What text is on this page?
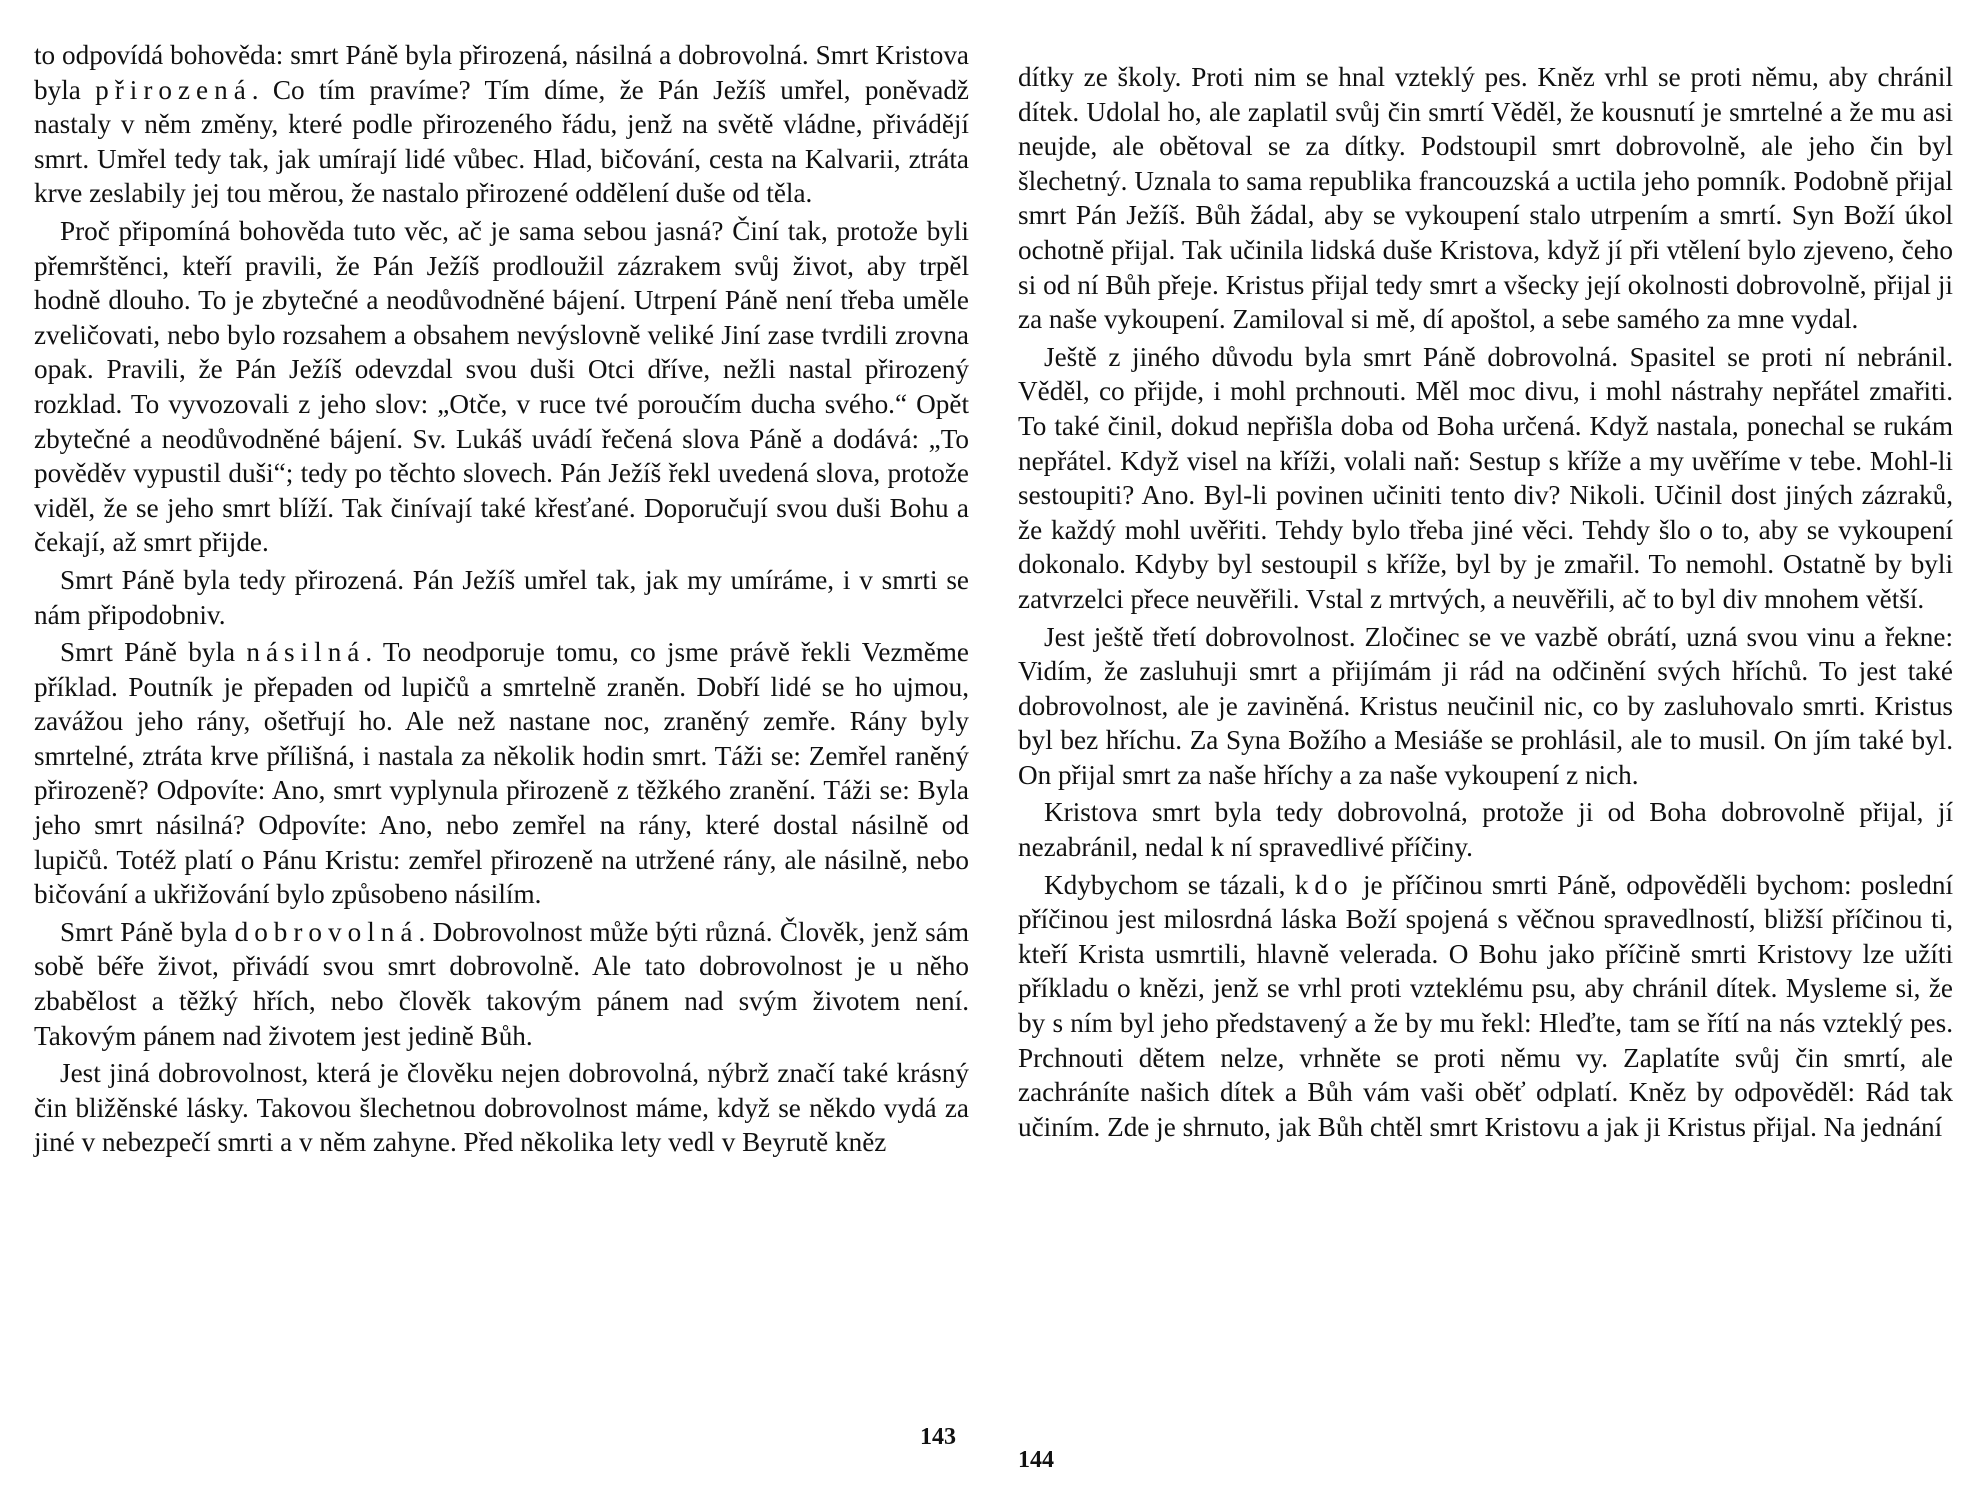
to odpovídá bohověda: smrt Páně byla přirozená, násilná a dobrovolná. Smrt Kristova byla přirozená. Co tím pravíme? Tím díme, že Pán Ježíš umřel, poněvadž nastaly v něm změny, které podle přirozeného řádu, jenž na světě vládne, přivádějí smrt. Umřel tedy tak, jak umírají lidé vůbec. Hlad, bičování, cesta na Kalvarii, ztráta krve zeslabily jej tou měrou, že nastalo přirozené oddělení duše od těla.

Proč připomíná bohověda tuto věc, ač je sama sebou jasná? Činí tak, protože byli přemrštěnci, kteří pravili, že Pán Ježíš prodloužil zázrakem svůj život, aby trpěl hodně dlouho. To je zbytečné a neodůvodněné bájení. Utrpení Páně není třeba uměle zveličovati, nebo bylo rozsahem a obsahem nevýslovně veliké Jiní zase tvrdili zrovna opak. Pravili, že Pán Ježíš odevzdal svou duši Otci dříve, nežli nastal přirozený rozklad. To vyvozovali z jeho slov: „Otče, v ruce tvé poroučím ducha svého.“ Opět zbytečné a neodůvodněné bájení. Sv. Lukáš uvádí řečená slova Páně a dodává: „To pověděv vypustil duši“; tedy po těchto slovech. Pán Ježíš řekl uvedená slova, protože viděl, že se jeho smrt blíží. Tak činívají také křesťané. Doporučují svou duši Bohu a čekají, až smrt přijde.

Smrt Páně byla tedy přirozená. Pán Ježíš umřel tak, jak my umíráme, i v smrti se nám připodobniv.

Smrt Páně byla násilná. To neodporuje tomu, co jsme právě řekli Vezměme příklad. Poutník je přepaden od lupičů a smrtelně zraněn. Dobří lidé se ho ujmou, zavážou jeho rány, ošetřují ho. Ale než nastane noc, zraněný zemře. Rány byly smrtelné, ztráta krve přílišná, i nastala za několik hodin smrt. Táži se: Zemřel raněný přirozeně? Odpovíte: Ano, smrt vyplynula přirozeně z těžkého zranění. Táži se: Byla jeho smrt násilná? Odpovíte: Ano, nebo zemřel na rány, které dostal násilně od lupičů. Totéž platí o Pánu Kristu: zemřel přirozeně na utržené rány, ale násilně, nebo bičování a ukřižování bylo způsobeno násilím.

Smrt Páně byla dobrovolná. Dobrovolnost může býti různá. Člověk, jenž sám sobě béře život, přivádí svou smrt dobrovolně. Ale tato dobrovolnost je u něho zbabělost a těžký hřích, nebo člověk takovým pánem nad svým životem není. Takovým pánem nad životem jest jedině Bůh.

Jest jiná dobrovolnost, která je člověku nejen dobrovolná, nýbrž značí také krásný čin bližěnské lásky. Takovou šlechetnou dobrovolnost máme, když se někdo vydá za jiné v nebezpečí smrti a v něm zahyne. Před několika lety vedl v Beyrutě kněz

143

dítky ze školy. Proti nim se hnal vzteklý pes. Kněz vrhl se proti němu, aby chránil dítek. Udolal ho, ale zaplatil svůj čin smrtí Věděl, že kousnutí je smrtelné a že mu asi neujde, ale obětoval se za dítky. Podstoupil smrt dobrovolně, ale jeho čin byl šlechetný. Uznala to sama republika francouzská a uctila jeho pomník. Podobně přijal smrt Pán Ježíš. Bůh žádal, aby se vykoupení stalo utrpením a smrtí. Syn Boží úkol ochotně přijal. Tak učinila lidská duše Kristova, když jí při vtělení bylo zjeveno, čeho si od ní Bůh přeje. Kristus přijal tedy smrt a všecky její okolnosti dobrovolně, přijal ji za naše vykoupení. Zamiloval si mě, dí apoštol, a sebe samého za mne vydal.

Ještě z jiného důvodu byla smrt Páně dobrovolná. Spasitel se proti ní nebránil. Věděl, co přijde, i mohl prchnouti. Měl moc divu, i mohl nástrahy nepřátel zmařiti. To také činil, dokud nepřišla doba od Boha určená. Když nastala, ponechal se rukám nepřátel. Když visel na kříži, volali naň: Sestup s kříže a my uvěříme v tebe. Mohl-li sestoupiti? Ano. Byl-li povinen učiniti tento div? Nikoli. Učinil dost jiných zázraků, že každý mohl uvěřiti. Tehdy bylo třeba jiné věci. Tehdy šlo o to, aby se vykoupení dokonalo. Kdyby byl sestoupil s kříže, byl by je zmařil. To nemohl. Ostatně by byli zatvrzelci přece neuvěřili. Vstal z mrtvých, a neuvěřili, ač to byl div mnohem větší.

Jest ještě třetí dobrovolnost. Zločinec se ve vazbě obrátí, uzná svou vinu a řekne: Vidím, že zasluhuji smrt a přijímám ji rád na odčinění svých hříchů. To jest také dobrovolnost, ale je zaviněná. Kristus neučinil nic, co by zasluhovalo smrti. Kristus byl bez hříchu. Za Syna Božího a Mesiáše se prohlásil, ale to musil. On jím také byl. On přijal smrt za naše hříchy a za naše vykoupení z nich.

Kristova smrt byla tedy dobrovolná, protože ji od Boha dobrovolně přijal, jí nezabránil, nedal k ní spravedlivé příčiny.

Kdybychom se tázali, kdo je příčinou smrti Páně, odpověděli bychom: poslední příčinou jest milosrdná láska Boží spojená s věčnou spravedlností, bližší příčinou ti, kteří Krista usmrtili, hlavně velerada. O Bohu jako příčině smrti Kristovy lze užíti příkladu o knězi, jenž se vrhl proti vzteklému psu, aby chránil dítek. Mysleme si, že by s ním byl jeho představený a že by mu řekl: Hleďte, tam se řítí na nás vzteklý pes. Prchnouti dětem nelze, vrhněte se proti němu vy. Zaplatíte svůj čin smrtí, ale zachráníte našich dítek a Bůh vám vaši oběť odplatí. Kněz by odpověděl: Rád tak učiním. Zde je shrnuto, jak Bůh chtěl smrt Kristovu a jak ji Kristus přijal. Na jednání

144
